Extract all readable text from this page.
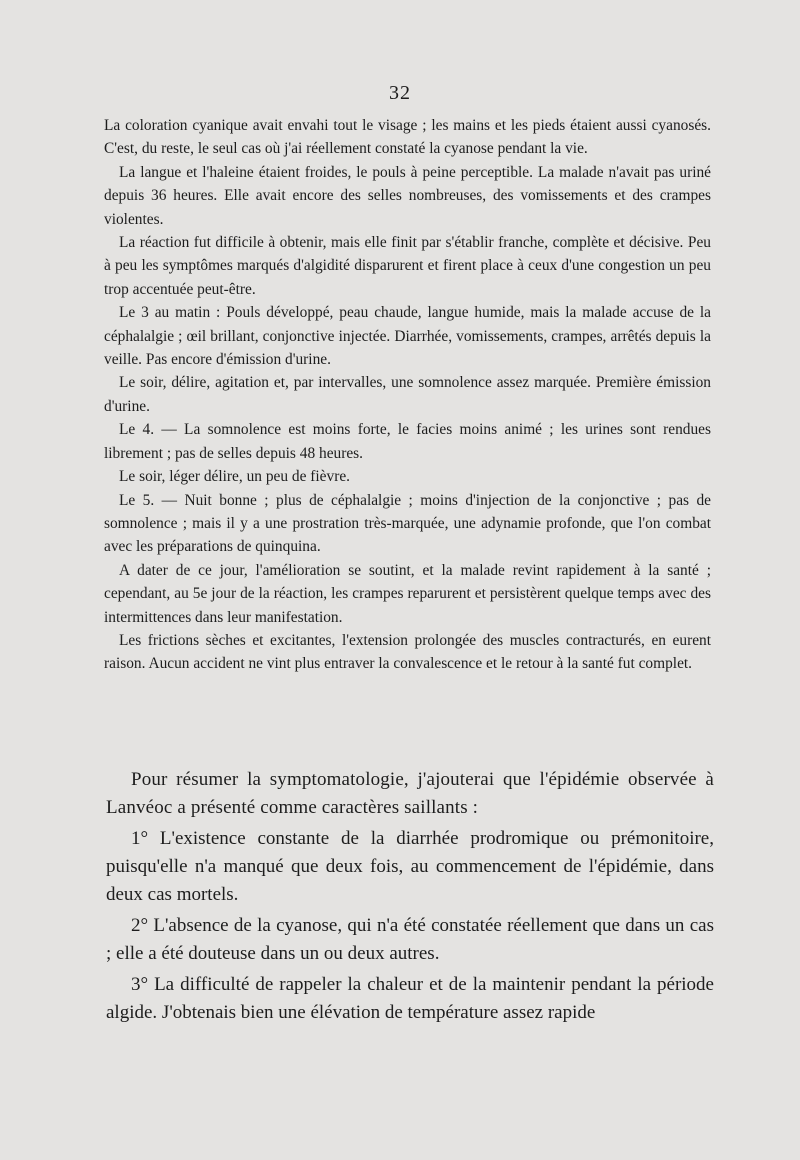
32

La coloration cyanique avait envahi tout le visage ; les mains et les pieds étaient aussi cyanosés. C'est, du reste, le seul cas où j'ai réellement constaté la cyanose pendant la vie.

La langue et l'haleine étaient froides, le pouls à peine perceptible. La malade n'avait pas uriné depuis 36 heures. Elle avait encore des selles nombreuses, des vomissements et des crampes violentes.

La réaction fut difficile à obtenir, mais elle finit par s'établir franche, complète et décisive. Peu à peu les symptômes marqués d'algidité disparurent et firent place à ceux d'une congestion un peu trop accentuée peut-être.

Le 3 au matin : Pouls développé, peau chaude, langue humide, mais la malade accuse de la céphalalgie ; œil brillant, conjonctive injectée. Diarrhée, vomissements, crampes, arrêtés depuis la veille. Pas encore d'émission d'urine.

Le soir, délire, agitation et, par intervalles, une somnolence assez marquée. Première émission d'urine.

Le 4. — La somnolence est moins forte, le facies moins animé ; les urines sont rendues librement ; pas de selles depuis 48 heures.

Le soir, léger délire, un peu de fièvre.

Le 5. — Nuit bonne ; plus de céphalalgie ; moins d'injection de la conjonctive ; pas de somnolence ; mais il y a une prostration très-marquée, une adynamie profonde, que l'on combat avec les préparations de quinquina.

A dater de ce jour, l'amélioration se soutint, et la malade revint rapidement à la santé ; cependant, au 5e jour de la réaction, les crampes reparurent et persistèrent quelque temps avec des intermittences dans leur manifestation.

Les frictions sèches et excitantes, l'extension prolongée des muscles contracturés, en eurent raison. Aucun accident ne vint plus entraver la convalescence et le retour à la santé fut complet.

Pour résumer la symptomatologie, j'ajouterai que l'épidémie observée à Lanvéoc a présenté comme caractères saillants :

1° L'existence constante de la diarrhée prodromique ou prémonitoire, puisqu'elle n'a manqué que deux fois, au commencement de l'épidémie, dans deux cas mortels.

2° L'absence de la cyanose, qui n'a été constatée réellement que dans un cas ; elle a été douteuse dans un ou deux autres.

3° La difficulté de rappeler la chaleur et de la maintenir pendant la période algide. J'obtenais bien une élévation de température assez rapide
